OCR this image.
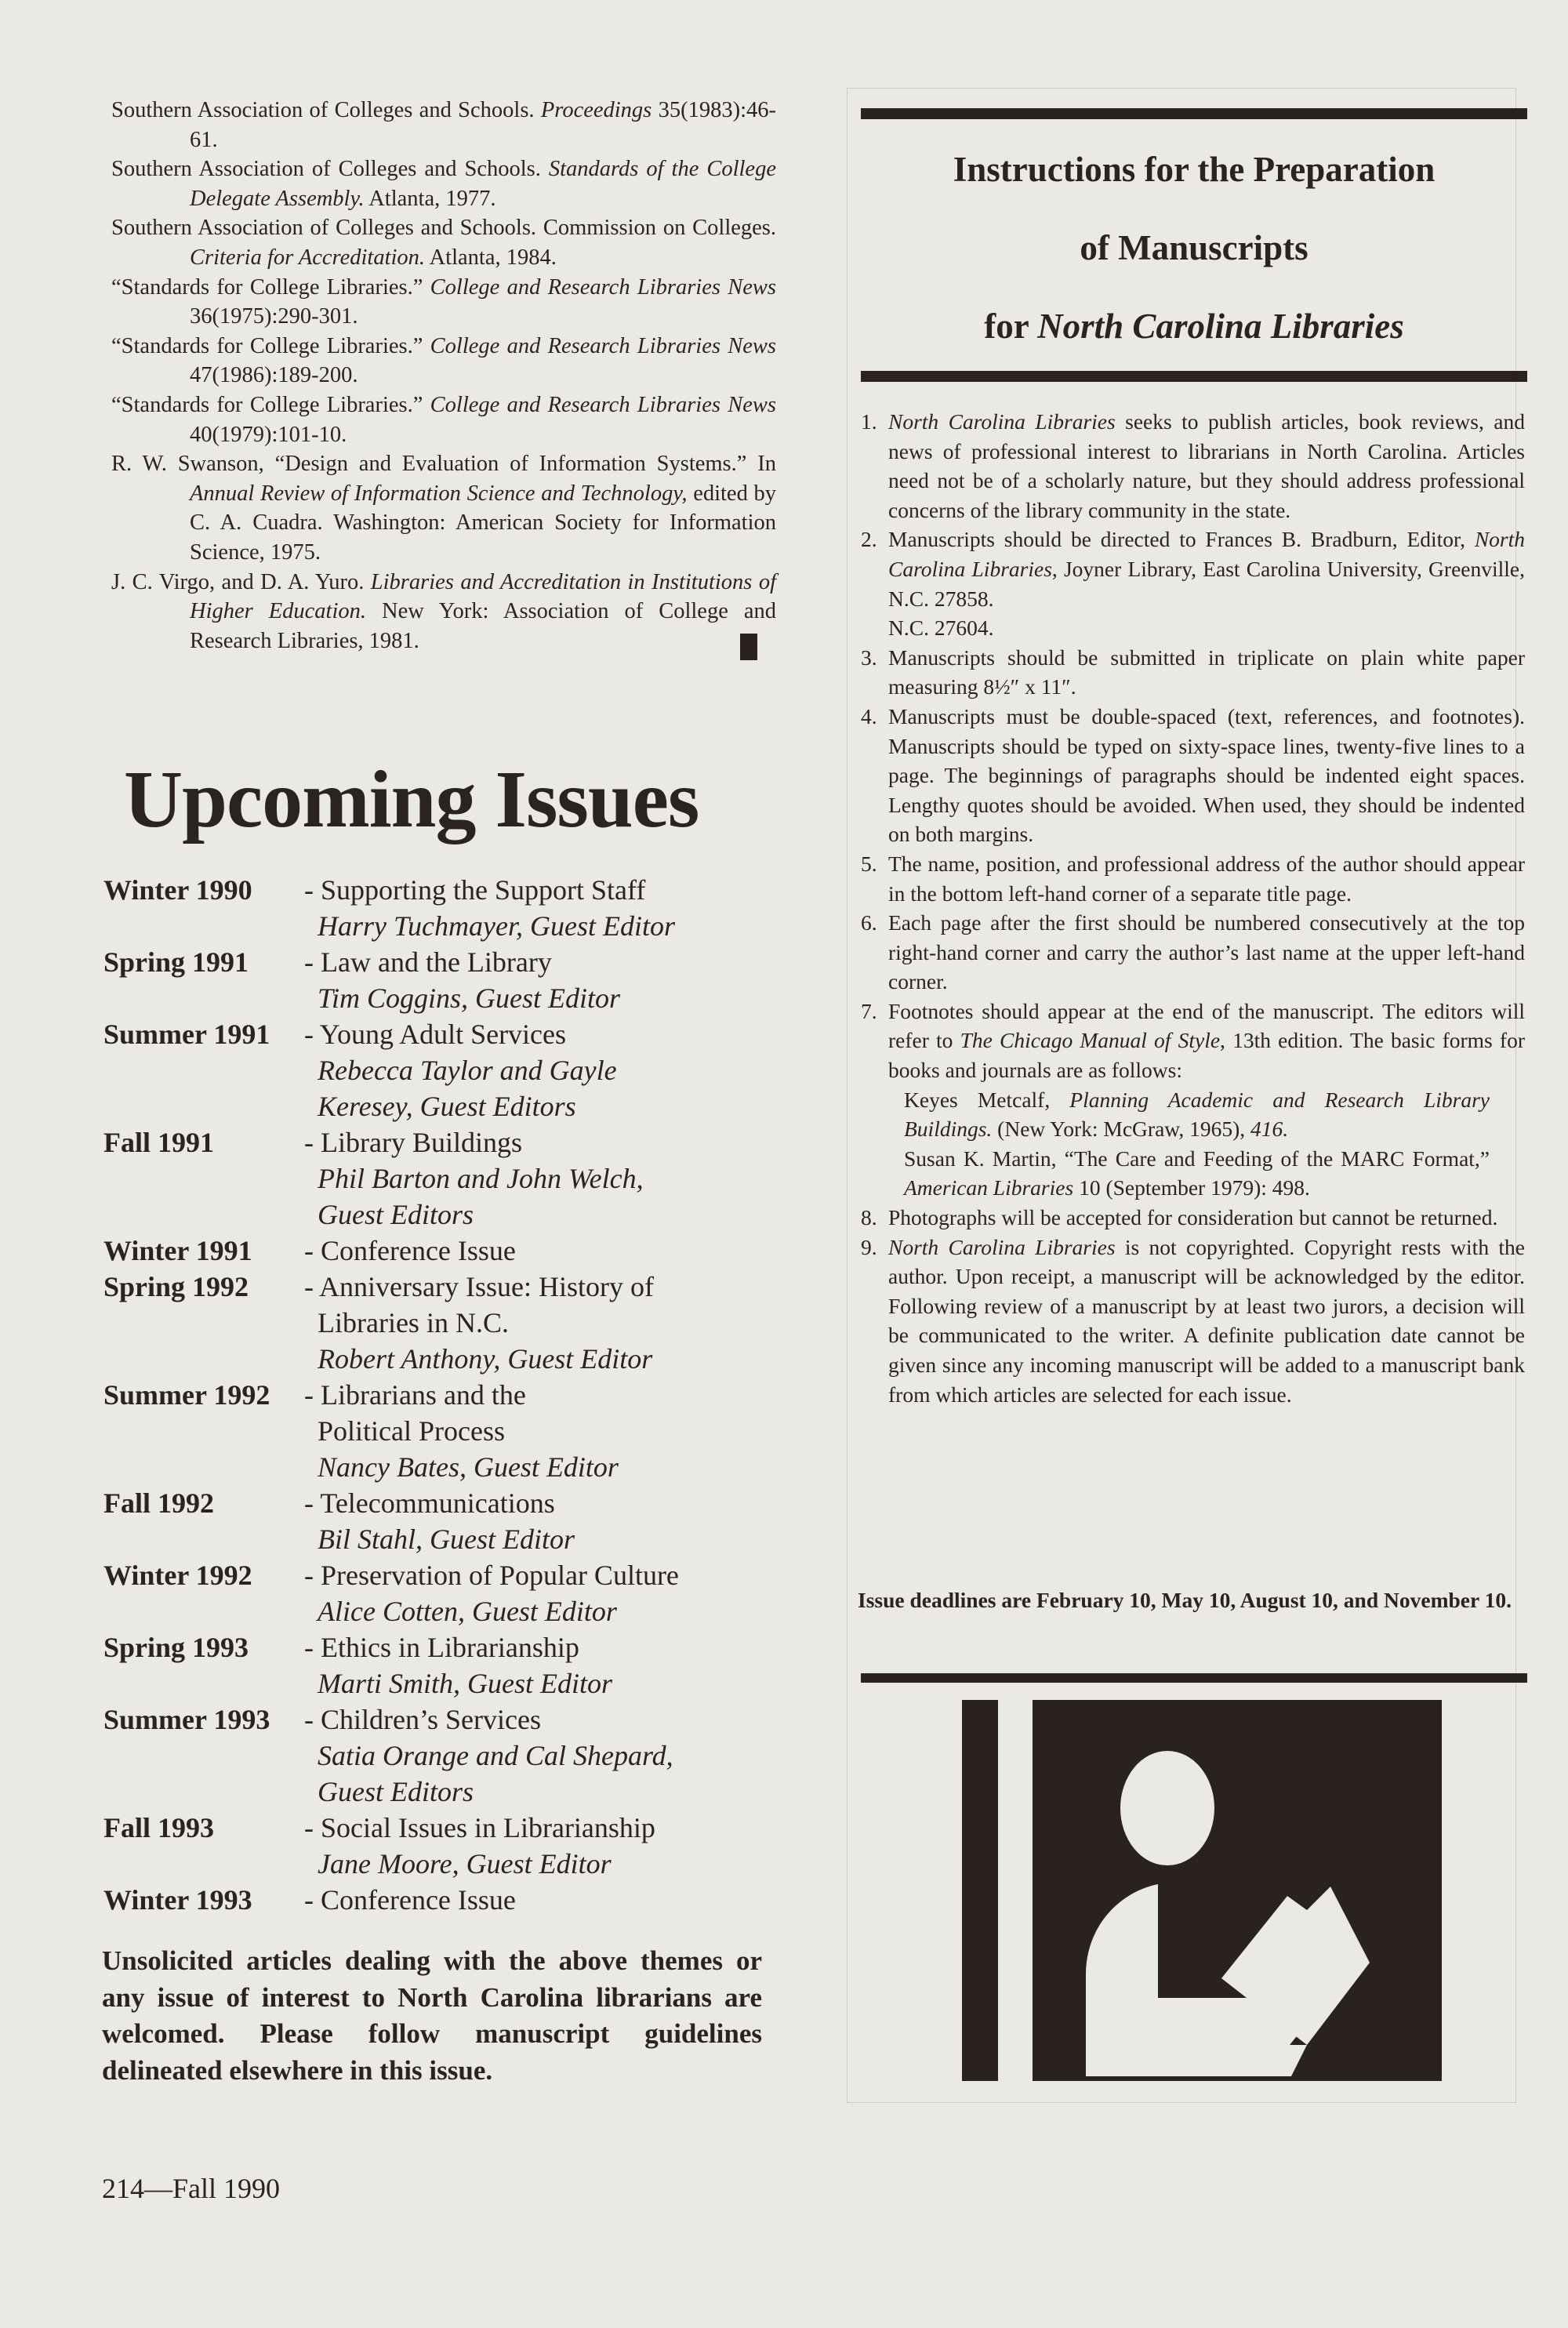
Southern Association of Colleges and Schools. Proceedings 35(1983):46-61.

Southern Association of Colleges and Schools. Standards of the College Delegate Assembly. Atlanta, 1977.

Southern Association of Colleges and Schools. Commission on Colleges. Criteria for Accreditation. Atlanta, 1984.

“Standards for College Libraries.” College and Research Libraries News 36(1975):290-301.

“Standards for College Libraries.” College and Research Libraries News 47(1986):189-200.

“Standards for College Libraries.” College and Research Libraries News 40(1979):101-10.

R. W. Swanson, “Design and Evaluation of Information Systems.” In Annual Review of Information Science and Technology, edited by C. A. Cuadra. Washington: American Society for Information Science, 1975.

J. C. Virgo, and D. A. Yuro. Libraries and Accreditation in Institutions of Higher Education. New York: Association of College and Research Libraries, 1981.

Upcoming Issues
Winter 1990	- Supporting the Support Staff
Harry Tuchmayer, Guest Editor
Spring 1991	- Law and the Library
Tim Coggins, Guest Editor
Summer 1991	- Young Adult Services
Rebecca Taylor and Gayle
Keresey, Guest Editors
Fall 1991	- Library Buildings
Phil Barton and John Welch,
Guest Editors
Winter 1991	- Conference Issue
Spring 1992	- Anniversary Issue: History of
Libraries in N.C.
Robert Anthony, Guest Editor
Summer 1992	- Librarians and the
Political Process
Nancy Bates, Guest Editor
Fall 1992	- Telecommunications
Bil Stahl, Guest Editor
Winter 1992	- Preservation of Popular Culture
Alice Cotten, Guest Editor
Spring 1993	- Ethics in Librarianship
Marti Smith, Guest Editor
Summer 1993	- Children’s Services
Satia Orange and Cal Shepard,
Guest Editors
Fall 1993	- Social Issues in Librarianship
Jane Moore, Guest Editor
Winter 1993	- Conference Issue
Unsolicited articles dealing with the above themes or any issue of interest to North Carolina librarians are welcomed. Please follow manuscript guidelines delineated elsewhere in this issue.
214—Fall 1990
Instructions for the Preparation
of Manuscripts
for North Carolina Libraries
1. North Carolina Libraries seeks to publish articles, book reviews, and news of professional interest to librarians in North Carolina. Articles need not be of a scholarly nature, but they should address professional concerns of the library community in the state.
2. Manuscripts should be directed to Frances B. Bradburn, Editor, North Carolina Libraries, Joyner Library, East Carolina University, Greenville, N.C. 27858.
N.C. 27604.
3. Manuscripts should be submitted in triplicate on plain white paper measuring 8½″ x 11″.
4. Manuscripts must be double-spaced (text, references, and footnotes). Manuscripts should be typed on sixty-space lines, twenty-five lines to a page. The beginnings of paragraphs should be indented eight spaces. Lengthy quotes should be avoided. When used, they should be indented on both margins.
5. The name, position, and professional address of the author should appear in the bottom left-hand corner of a separate title page.
6. Each page after the first should be numbered consecutively at the top right-hand corner and carry the author’s last name at the upper left-hand corner.
7. Footnotes should appear at the end of the manuscript. The editors will refer to The Chicago Manual of Style, 13th edition. The basic forms for books and journals are as follows:
Keyes Metcalf, Planning Academic and Research Library Buildings. (New York: McGraw, 1965), 416.
Susan K. Martin, “The Care and Feeding of the MARC Format,” American Libraries 10 (September 1979): 498.
8. Photographs will be accepted for consideration but cannot be returned.
9. North Carolina Libraries is not copyrighted. Copyright rests with the author. Upon receipt, a manuscript will be acknowledged by the editor. Following review of a manuscript by at least two jurors, a decision will be communicated to the writer. A definite publication date cannot be given since any incoming manuscript will be added to a manuscript bank from which articles are selected for each issue.
Issue deadlines are February 10, May 10, August 10, and November 10.
